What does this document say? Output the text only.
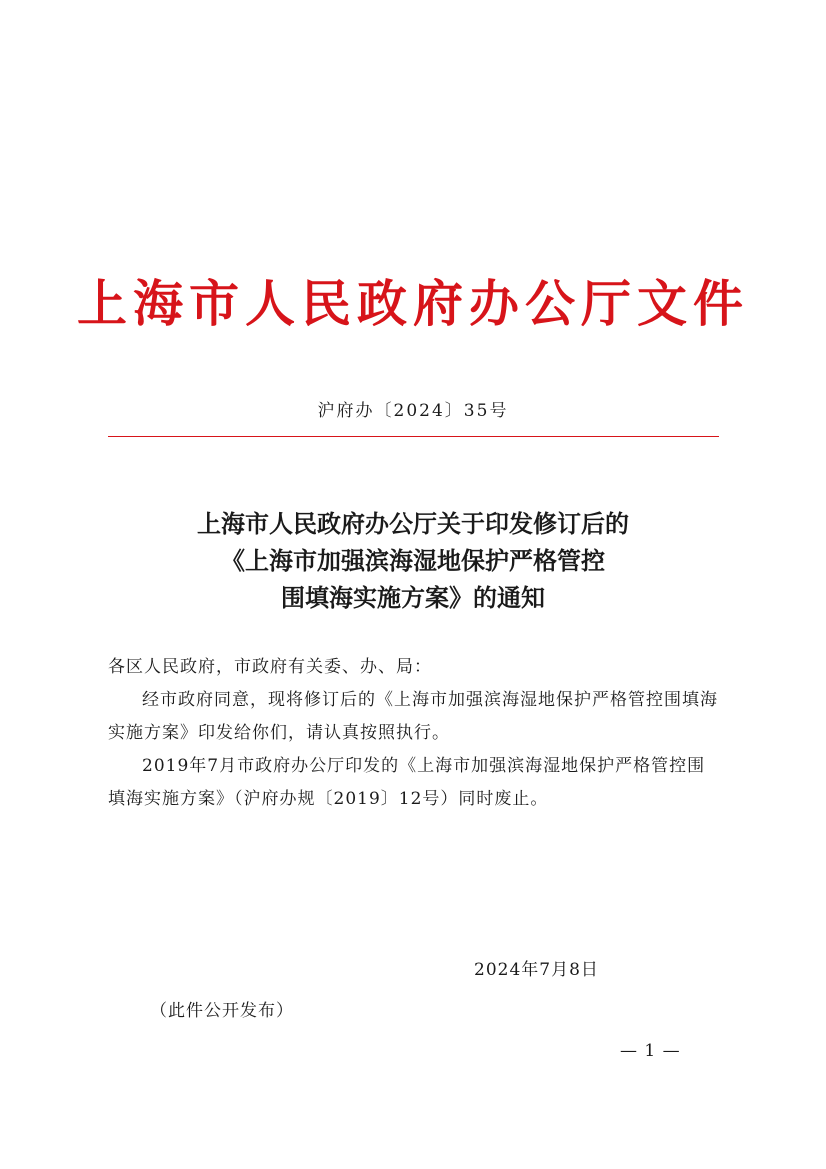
上海市人民政府办公厅文件
沪府办〔2024〕35号
上海市人民政府办公厅关于印发修订后的
《上海市加强滨海湿地保护严格管控
围填海实施方案》的通知

各区人民政府，市政府有关委、办、局：

经市政府同意，现将修订后的《上海市加强滨海湿地保护严格管控围填海实施方案》印发给你们，请认真按照执行。

2019年7月市政府办公厅印发的《上海市加强滨海湿地保护严格管控围填海实施方案》（沪府办规〔2019〕12号）同时废止。

2024年7月8日
（此件公开发布）
— 1 —
